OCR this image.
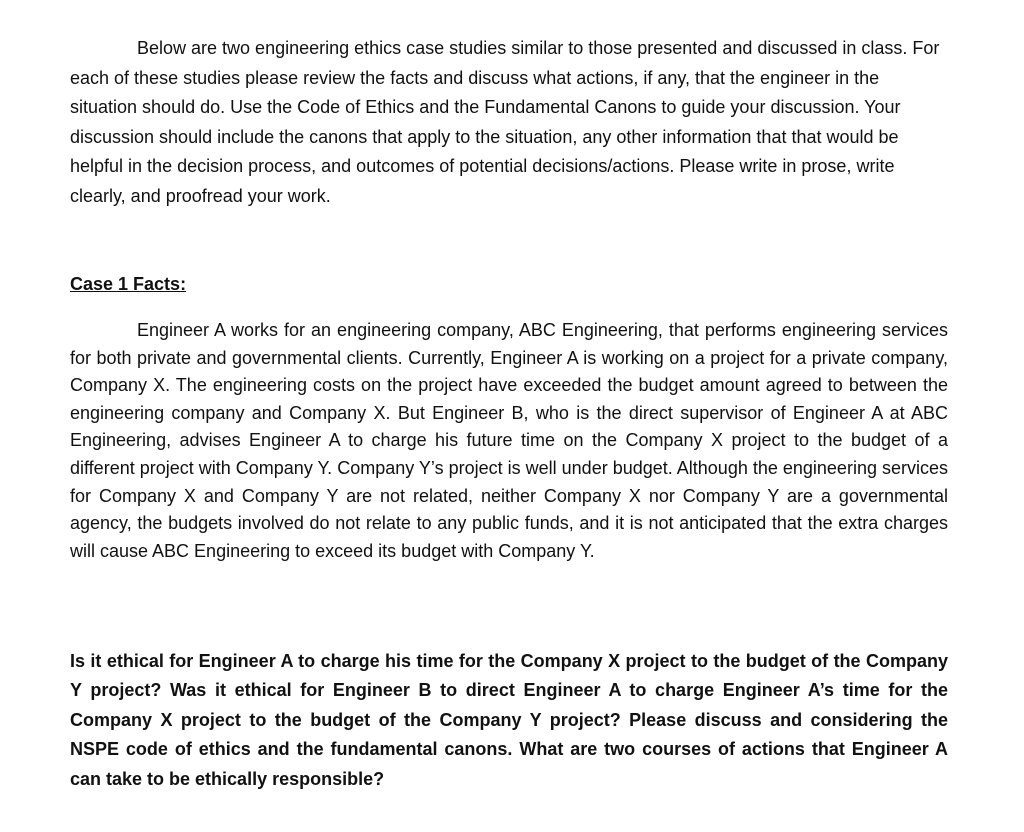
Below are two engineering ethics case studies similar to those presented and discussed in class. For each of these studies please review the facts and discuss what actions, if any, that the engineer in the situation should do. Use the Code of Ethics and the Fundamental Canons to guide your discussion. Your discussion should include the canons that apply to the situation, any other information that that would be helpful in the decision process, and outcomes of potential decisions/actions. Please write in prose, write clearly, and proofread your work.

Case 1 Facts:

Engineer A works for an engineering company, ABC Engineering, that performs engineering services for both private and governmental clients. Currently, Engineer A is working on a project for a private company, Company X. The engineering costs on the project have exceeded the budget amount agreed to between the engineering company and Company X. But Engineer B, who is the direct supervisor of Engineer A at ABC Engineering, advises Engineer A to charge his future time on the Company X project to the budget of a different project with Company Y. Company Y’s project is well under budget. Although the engineering services for Company X and Company Y are not related, neither Company X nor Company Y are a governmental agency, the budgets involved do not relate to any public funds, and it is not anticipated that the extra charges will cause ABC Engineering to exceed its budget with Company Y.

Is it ethical for Engineer A to charge his time for the Company X project to the budget of the Company Y project? Was it ethical for Engineer B to direct Engineer A to charge Engineer A’s time for the Company X project to the budget of the Company Y project? Please discuss and considering the NSPE code of ethics and the fundamental canons. What are two courses of actions that Engineer A can take to be ethically responsible?
